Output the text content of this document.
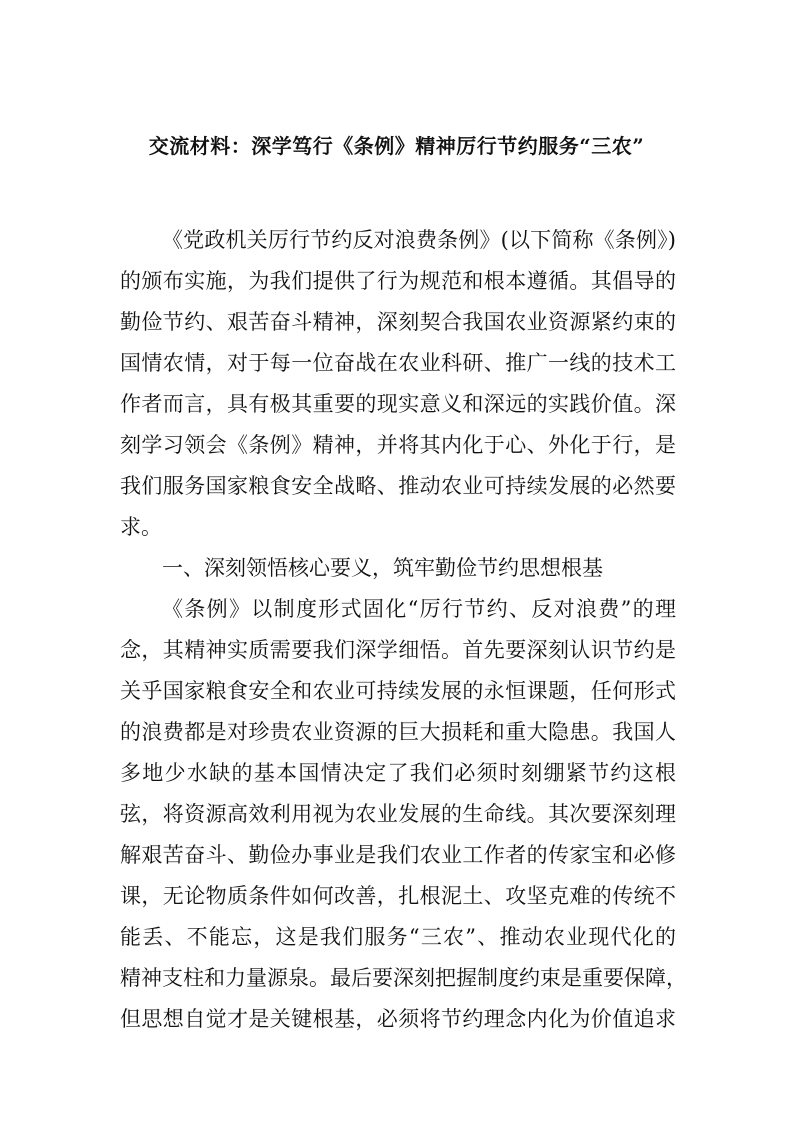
交流材料：深学笃行《条例》精神厉行节约服务“三农”
《党政机关厉行节约反对浪费条例》(以下简称《条例》)
的颁布实施，为我们提供了行为规范和根本遵循。其倡导的
勤俭节约、艰苦奋斗精神，深刻契合我国农业资源紧约束的
国情农情，对于每一位奋战在农业科研、推广一线的技术工
作者而言，具有极其重要的现实意义和深远的实践价值。深
刻学习领会《条例》精神，并将其内化于心、外化于行，是
我们服务国家粮食安全战略、推动农业可持续发展的必然要
求。
一、深刻领悟核心要义，筑牢勤俭节约思想根基
《条例》以制度形式固化“厉行节约、反对浪费”的理
念，其精神实质需要我们深学细悟。首先要深刻认识节约是
关乎国家粮食安全和农业可持续发展的永恒课题，任何形式
的浪费都是对珍贵农业资源的巨大损耗和重大隐患。我国人
多地少水缺的基本国情决定了我们必须时刻绷紧节约这根
弦，将资源高效利用视为农业发展的生命线。其次要深刻理
解艰苦奋斗、勤俭办事业是我们农业工作者的传家宝和必修
课，无论物质条件如何改善，扎根泥土、攻坚克难的传统不
能丢、不能忘，这是我们服务“三农”、推动农业现代化的
精神支柱和力量源泉。最后要深刻把握制度约束是重要保障，
但思想自觉才是关键根基，必须将节约理念内化为价值追求
